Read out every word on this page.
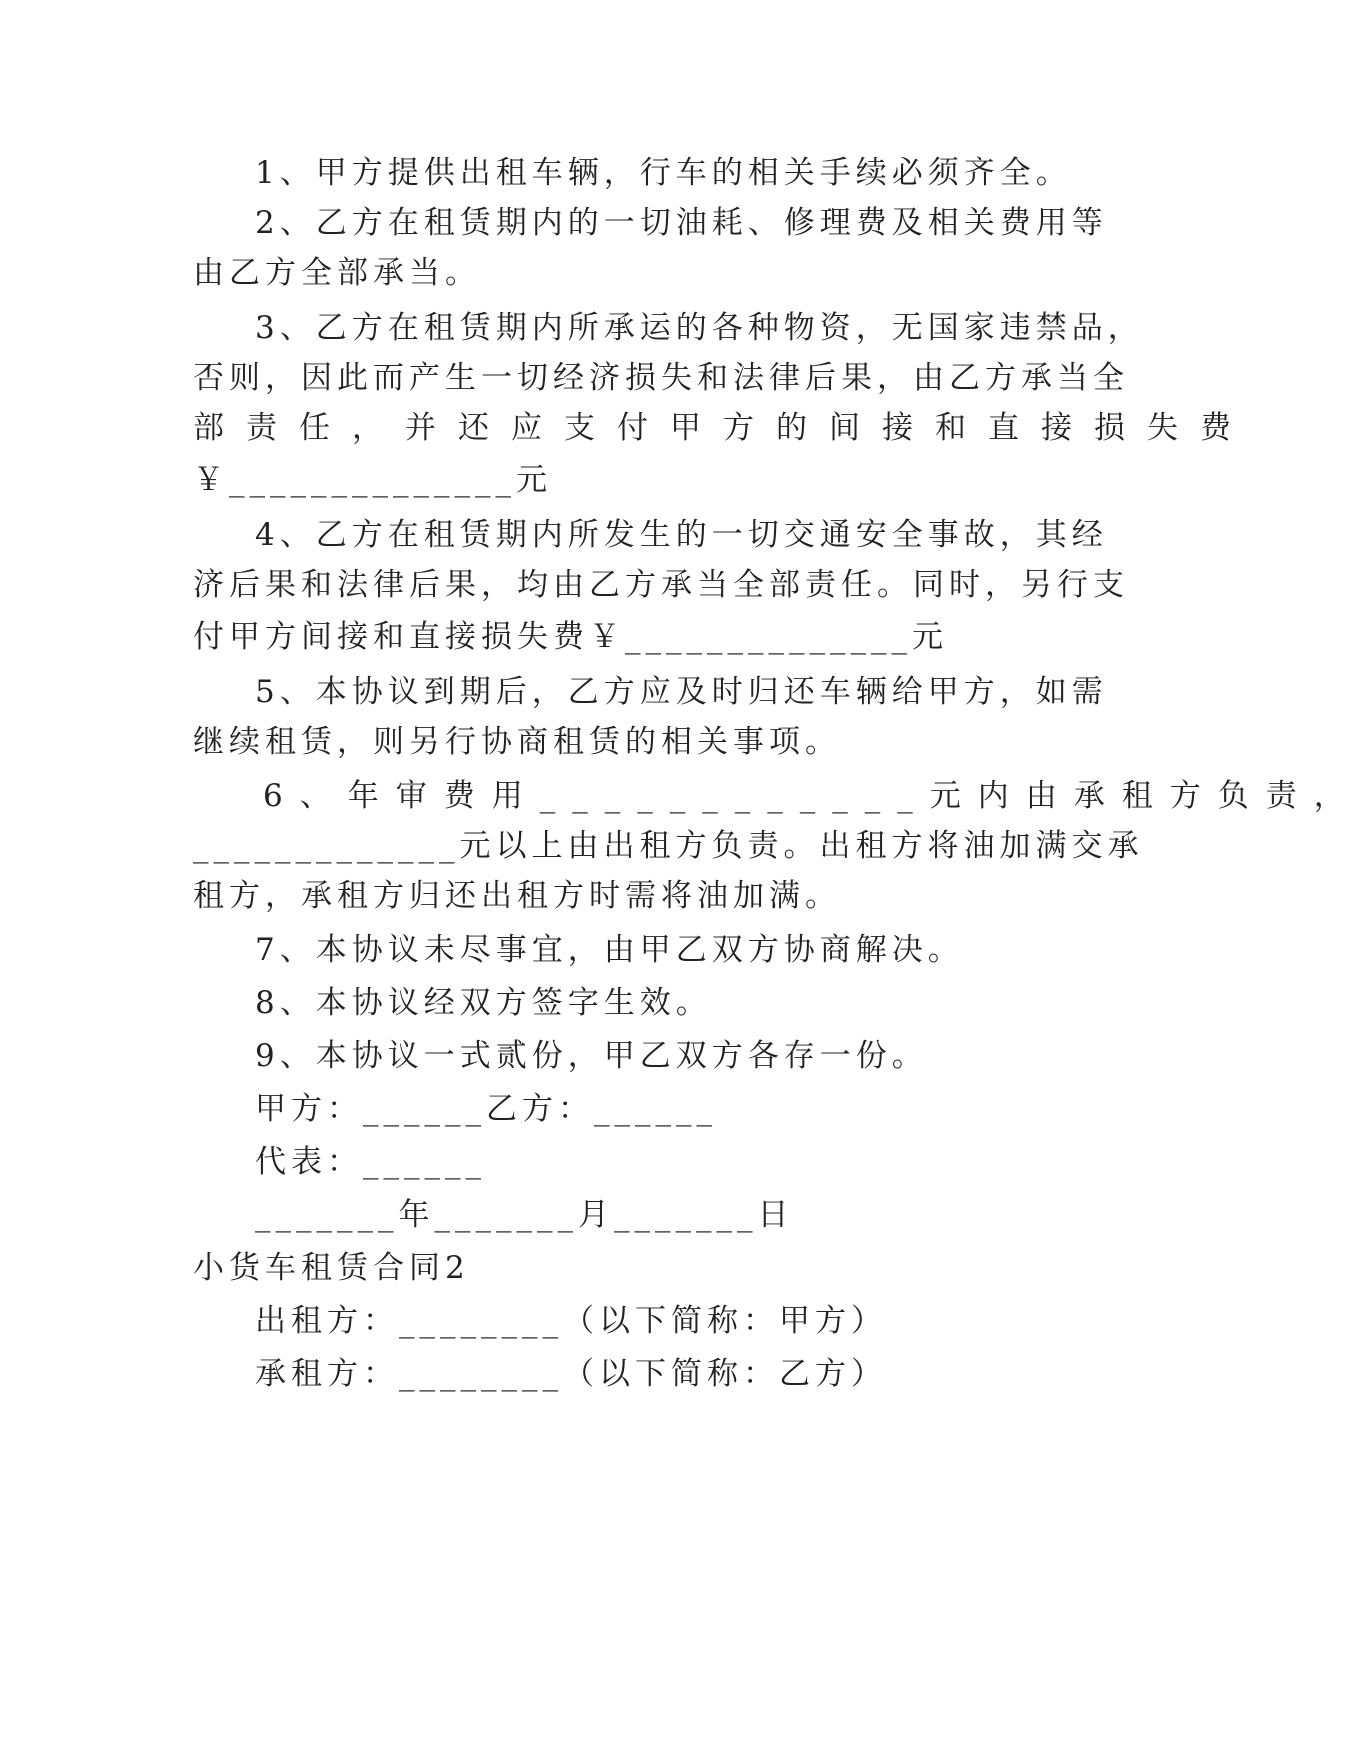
1、甲方提供出租车辆，行车的相关手续必须齐全。
2、乙方在租赁期内的一切油耗、修理费及相关费用等
由乙方全部承当。
3、乙方在租赁期内所承运的各种物资，无国家违禁品，
否则，因此而产生一切经济损失和法律后果，由乙方承当全
部责任，并还应支付甲方的间接和直接损失费
￥______________元
4、乙方在租赁期内所发生的一切交通安全事故，其经
济后果和法律后果，均由乙方承当全部责任。同时，另行支
付甲方间接和直接损失费￥______________元
5、本协议到期后，乙方应及时归还车辆给甲方，如需
继续租赁，则另行协商租赁的相关事项。
6、年审费用____________元内由承租方负责，
_____________元以上由出租方负责。出租方将油加满交承
租方，承租方归还出租方时需将油加满。
7、本协议未尽事宜，由甲乙双方协商解决。
8、本协议经双方签字生效。
9、本协议一式贰份，甲乙双方各存一份。
甲方：______乙方：______
代表：______
_______年_______月_______日
小货车租赁合同2
出租方：________（以下简称：甲方）
承租方：________（以下简称：乙方）
